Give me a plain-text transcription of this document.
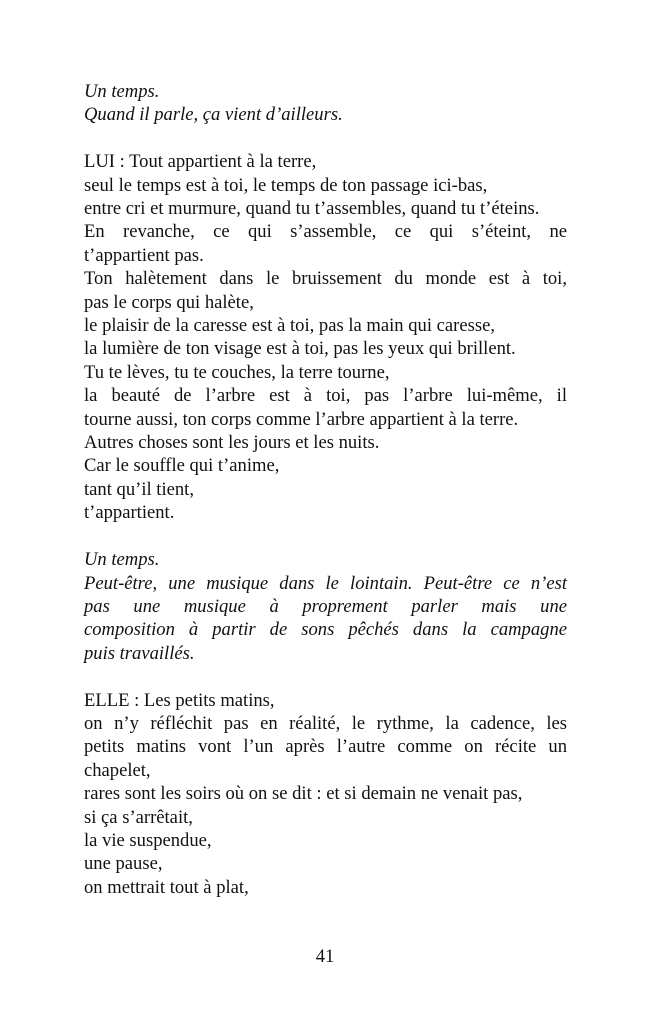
Un temps.
Quand il parle, ça vient d’ailleurs.

LUI : Tout appartient à la terre,
seul le temps est à toi, le temps de ton passage ici-bas,
entre cri et murmure, quand tu t’assembles, quand tu t’éteins.
En revanche, ce qui s’assemble, ce qui s’éteint, ne
t’appartient pas.
Ton halètement dans le bruissement du monde est à toi,
pas le corps qui halète,
le plaisir de la caresse est à toi, pas la main qui caresse,
la lumière de ton visage est à toi, pas les yeux qui brillent.
Tu te lèves, tu te couches, la terre tourne,
la beauté de l’arbre est à toi, pas l’arbre lui-même, il
tourne aussi, ton corps comme l’arbre appartient à la terre.
Autres choses sont les jours et les nuits.
Car le souffle qui t’anime,
tant qu’il tient,
t’appartient.

Un temps.
Peut-être, une musique dans le lointain. Peut-être ce n’est
pas une musique à proprement parler mais une
composition à partir de sons pêchés dans la campagne
puis travaillés.

ELLE : Les petits matins,
on n’y réfléchit pas en réalité, le rythme, la cadence, les
petits matins vont l’un après l’autre comme on récite un
chapelet,
rares sont les soirs où on se dit : et si demain ne venait pas,
si ça s’arrêtait,
la vie suspendue,
une pause,
on mettrait tout à plat,

41
